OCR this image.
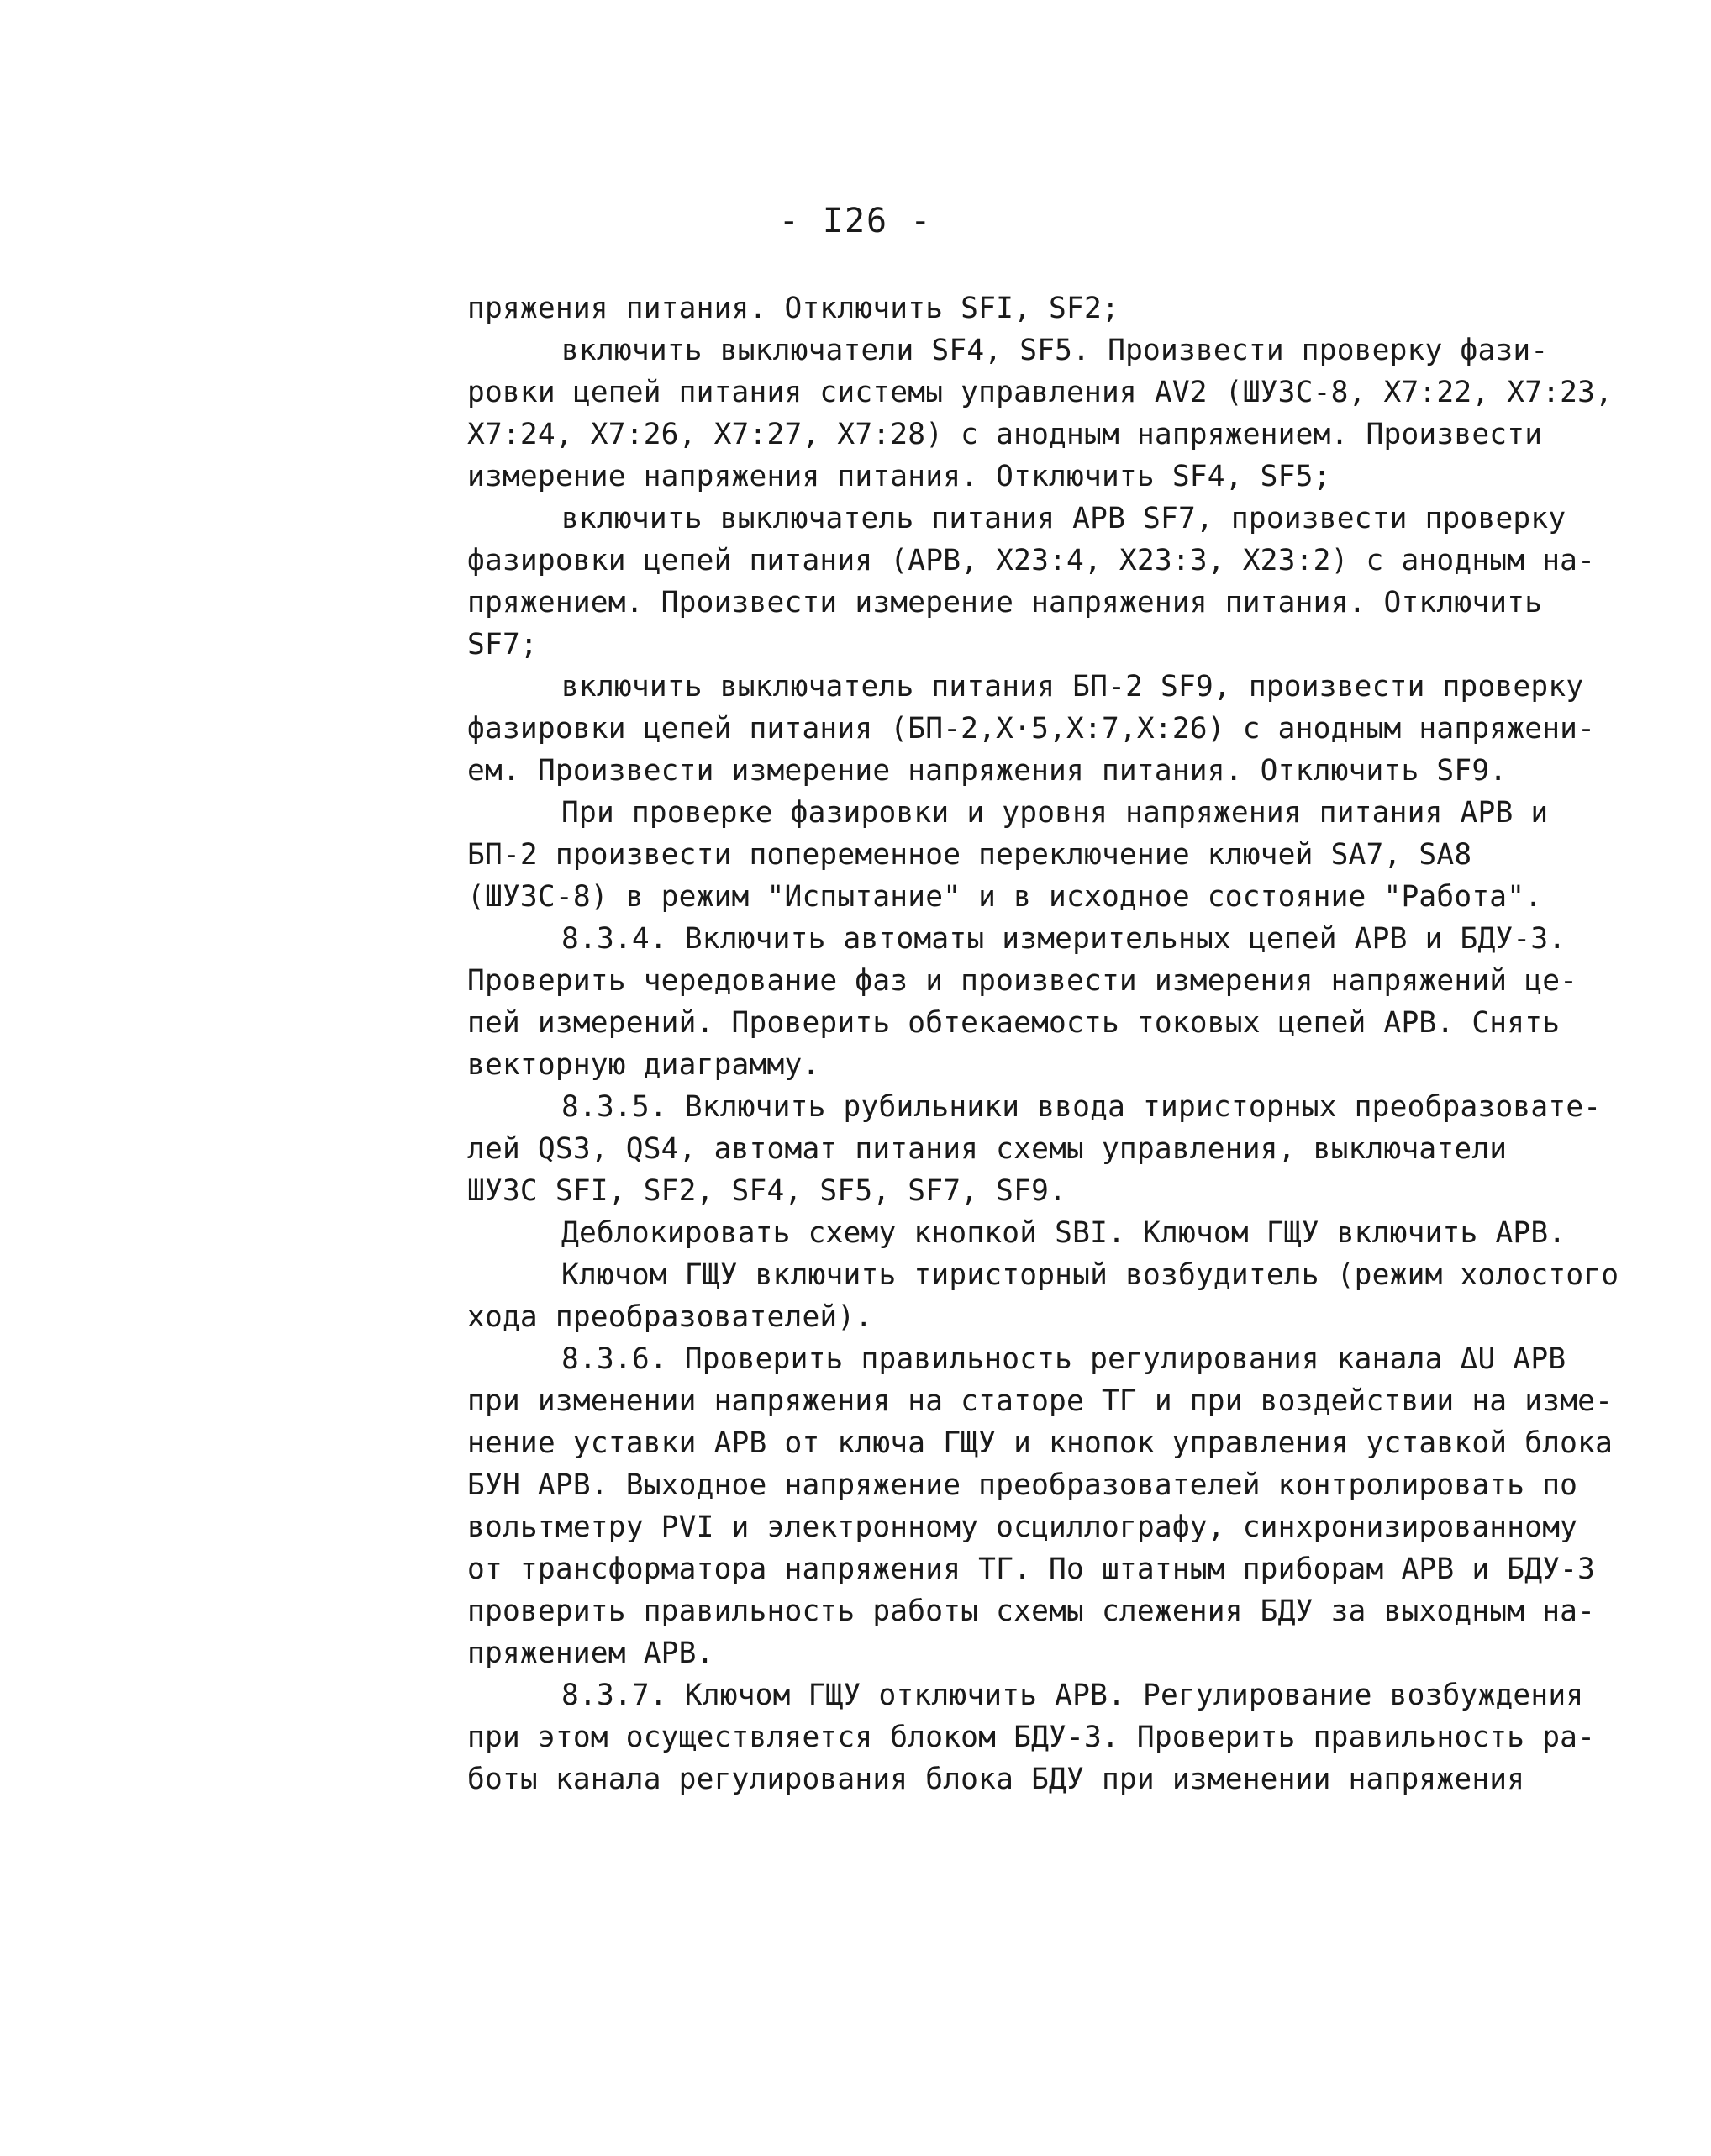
- I26 -
пряжения питания. Отключить SFI, SF2;
включить выключатели SF4, SF5. Произвести проверку фази-
ровки цепей питания системы управления AV2 (ШУЗС-8, X7:22, X7:23,
X7:24, X7:26, X7:27, X7:28) с анодным напряжением. Произвести
измерение напряжения питания. Отключить SF4, SF5;
включить выключатель питания АРВ SF7, произвести проверку
фазировки цепей питания (АРВ, X23:4, X23:3, X23:2) с анодным на-
пряжением. Произвести измерение напряжения питания. Отключить
SF7;
включить выключатель питания БП-2 SF9, произвести проверку
фазировки цепей питания (БП-2,X·5,X:7,X:26) с анодным напряжени-
ем. Произвести измерение напряжения питания. Отключить SF9.
При проверке фазировки и уровня напряжения питания АРВ и
БП-2 произвести попеременное переключение ключей SA7, SA8
(ШУЗС-8) в режим "Испытание" и в исходное состояние "Работа".
8.3.4. Включить автоматы измерительных цепей АРВ и БДУ-3.
Проверить чередование фаз и произвести измерения напряжений це-
пей измерений. Проверить обтекаемость токовых цепей АРВ. Снять
векторную диаграмму.
8.3.5. Включить рубильники ввода тиристорных преобразовате-
лей QS3, QS4, автомат питания схемы управления, выключатели
ШУЗС SFI, SF2, SF4, SF5, SF7, SF9.
Деблокировать схему кнопкой SBI. Ключом ГЩУ включить АРВ.
Ключом ГЩУ включить тиристорный возбудитель (режим холостого
хода преобразователей).
8.3.6. Проверить правильность регулирования канала ΔU АРВ
при изменении напряжения на статоре ТГ и при воздействии на изме-
нение уставки АРВ от ключа ГЩУ и кнопок управления уставкой блока
БУН АРВ. Выходное напряжение преобразователей контролировать по
вольтметру PVI и электронному осциллографу, синхронизированному
от трансформатора напряжения ТГ. По штатным приборам АРВ и БДУ-3
проверить правильность работы схемы слежения БДУ за выходным на-
пряжением АРВ.
8.3.7. Ключом ГЩУ отключить АРВ. Регулирование возбуждения
при этом осуществляется блоком БДУ-3. Проверить правильность ра-
боты канала регулирования блока БДУ при изменении напряжения
